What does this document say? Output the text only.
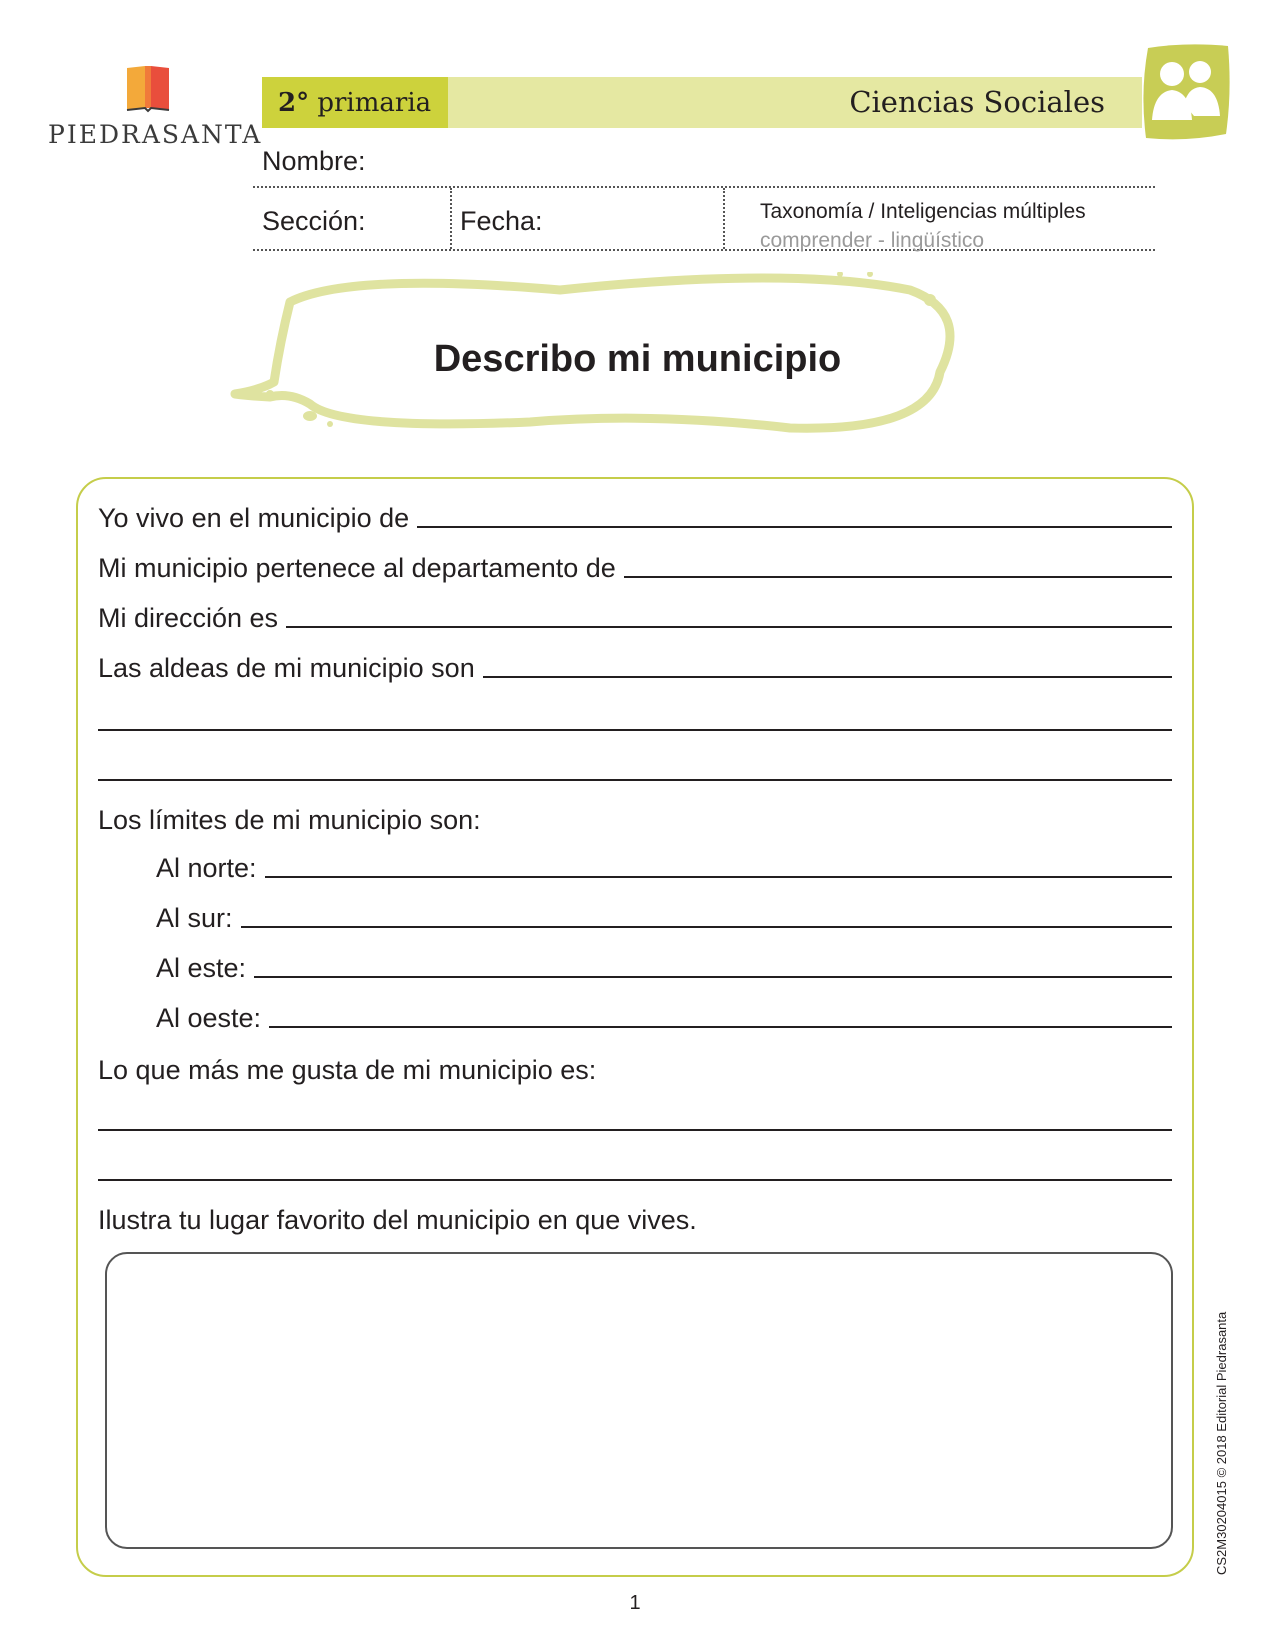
PIEDRASANTA
2°
primaria	Ciencias Sociales
Nombre:
Sección:	Fecha:	Taxonomía / Inteligencias múltiples
comprender - lingüístico
Describo mi municipio
Yo vivo en el municipio de
Mi municipio pertenece al departamento de
Mi dirección es
Las aldeas de mi municipio son
Los límites de mi municipio son:
Al norte:
Al sur:
Al este:
Al oeste:
Lo que más me gusta de mi municipio es:
Ilustra tu lugar favorito del municipio en que vives.
CS2M30204015 © 2018 Editorial Piedrasanta
1
